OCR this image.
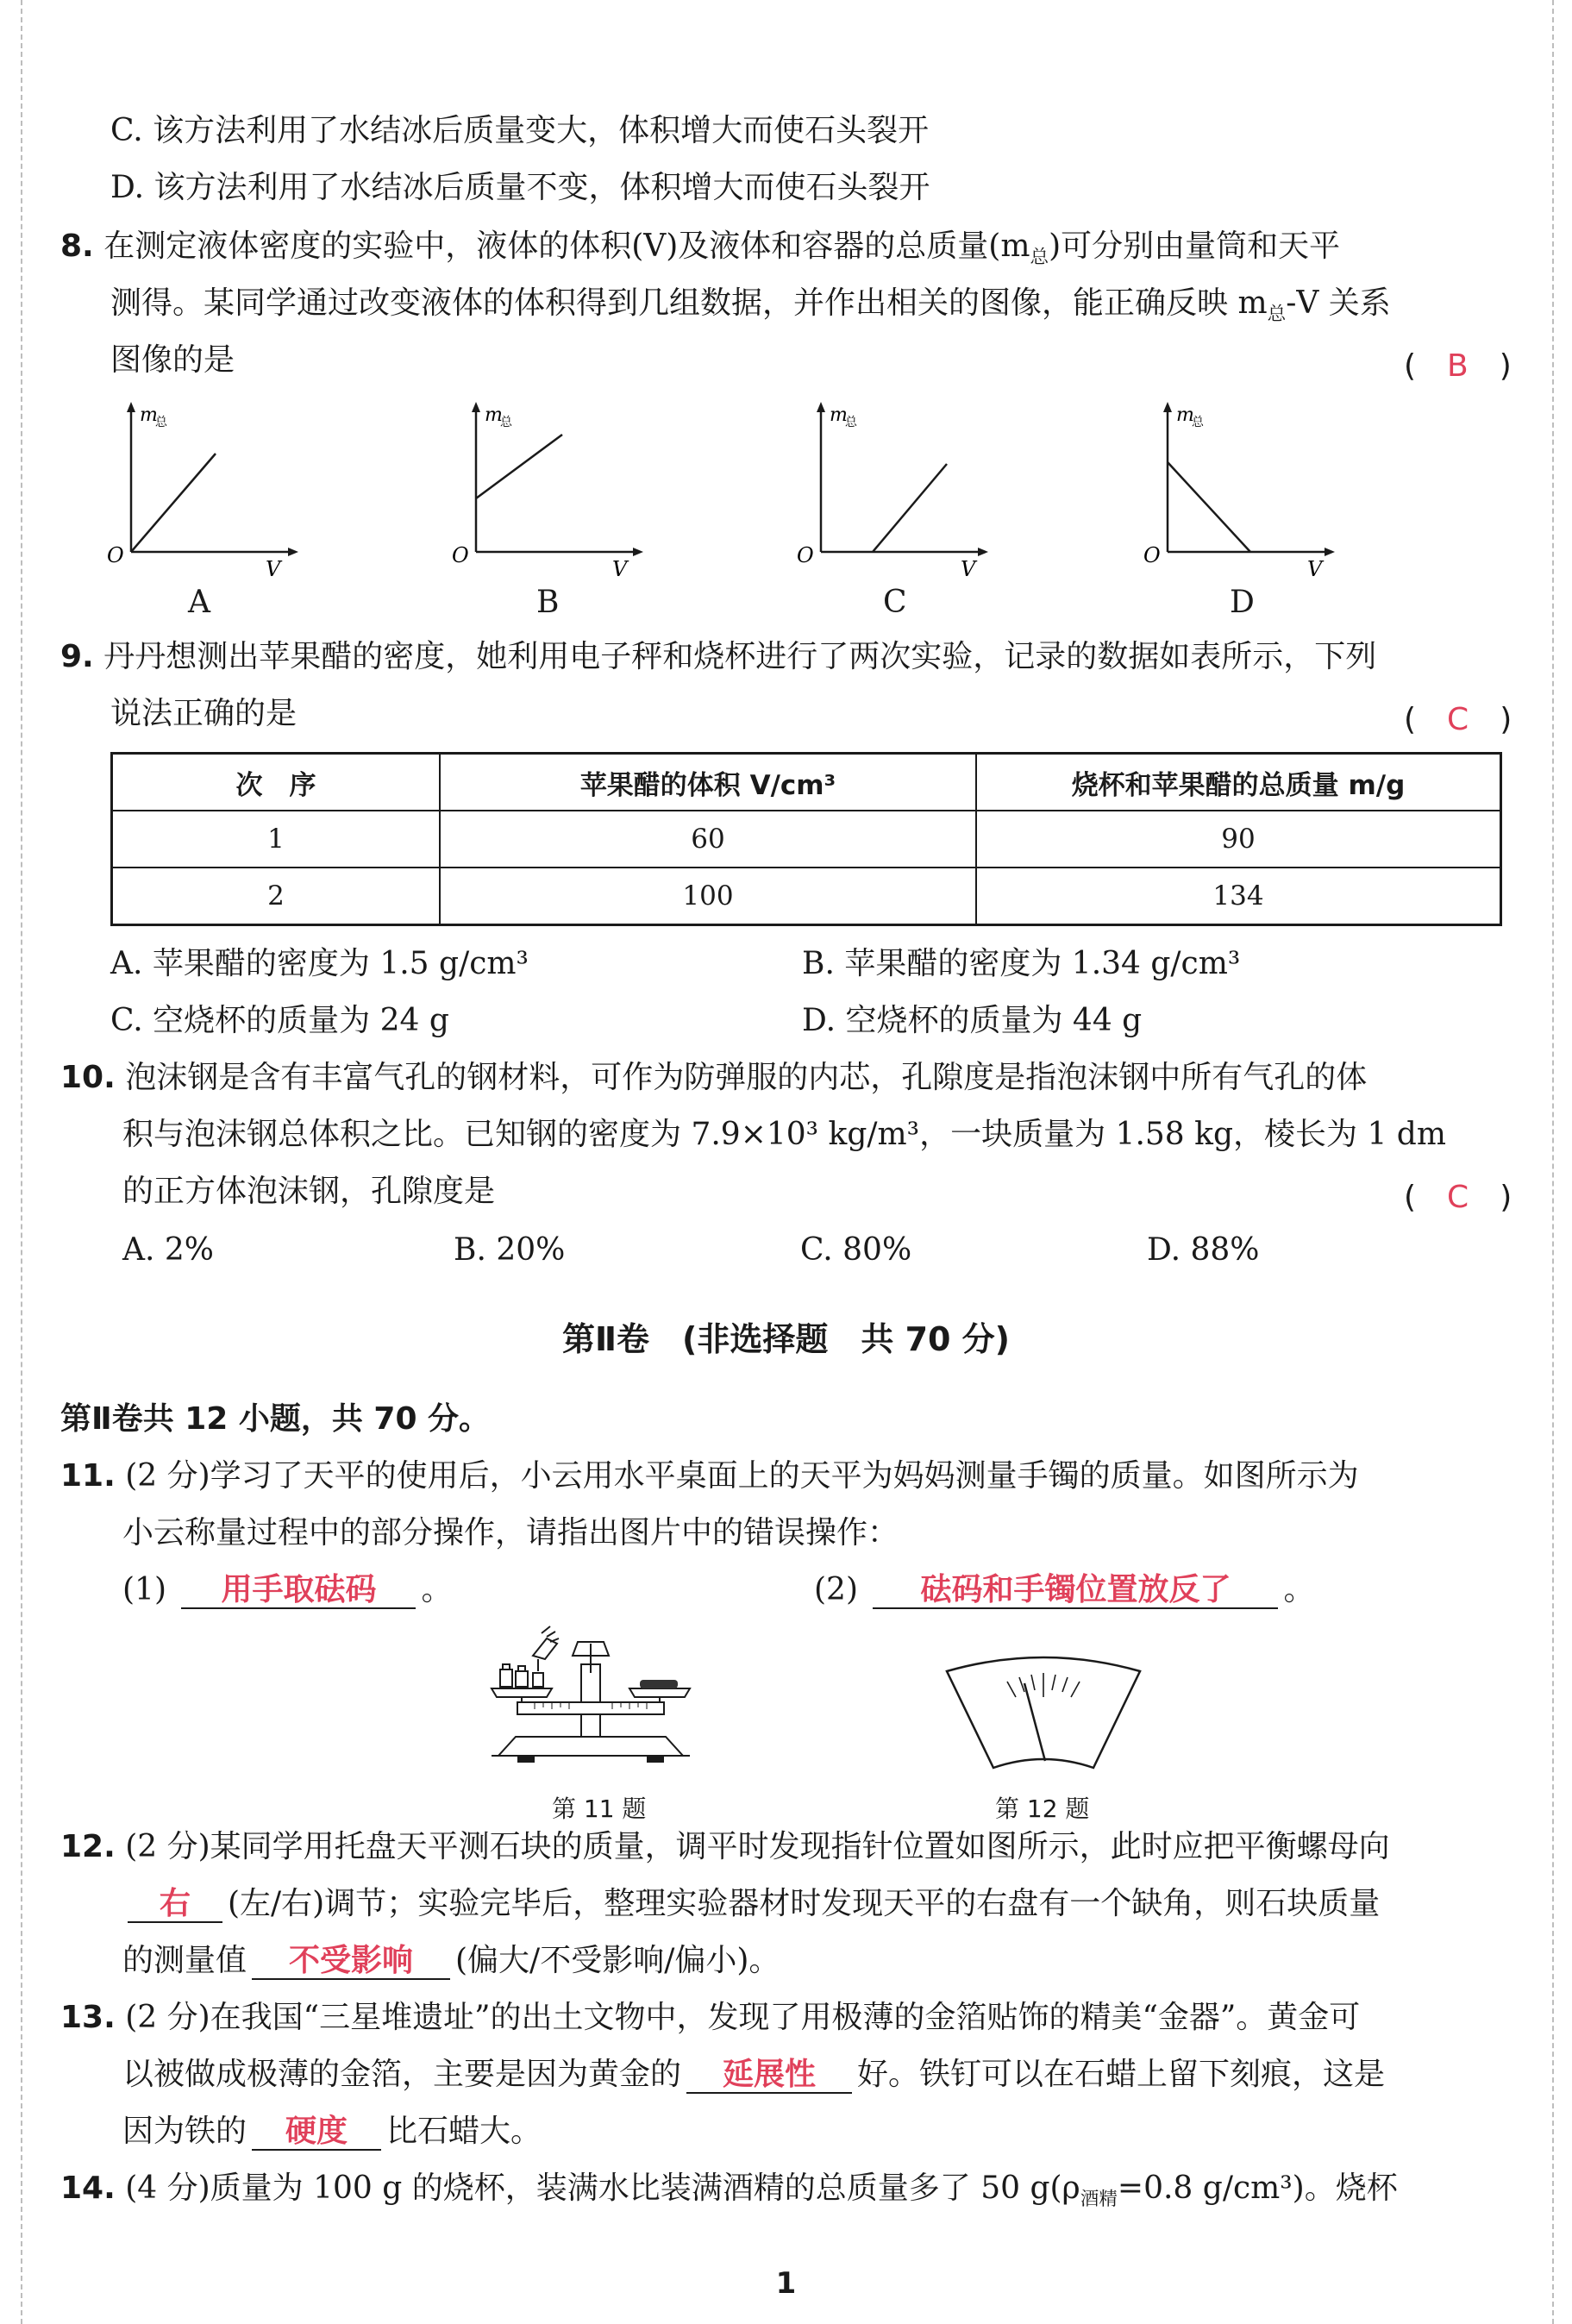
C. 该方法利用了水结冰后质量变大，体积增大而使石头裂开
D. 该方法利用了水结冰后质量不变，体积增大而使石头裂开
8. 在测定液体密度的实验中，液体的体积(V)及液体和容器的总质量$(m_总)$可分别由量筒和天平
测得。某同学通过改变液体的体积得到几组数据，并作出相关的图像，能正确反映 $m_总-V$ 关系
图像的是	(　B　)
m
总
O
V
A
m
总
O
V
B
m
总
O
V
C
m
总
O
V
D
9. 丹丹想测出苹果醋的密度，她利用电子秤和烧杯进行了两次实验，记录的数据如表所示，下列
说法正确的是	(　C　)
次　序	苹果醋的体积 V/cm³	烧杯和苹果醋的总质量 m/g
1	60	90
2	100	134
A. 苹果醋的密度为 1.5 g/cm³	B. 苹果醋的密度为 1.34 g/cm³
C. 空烧杯的质量为 24 g	D. 空烧杯的质量为 44 g
10. 泡沫钢是含有丰富气孔的钢材料，可作为防弹服的内芯，孔隙度是指泡沫钢中所有气孔的体
积与泡沫钢总体积之比。已知钢的密度为 7.9×10³ kg/m³，一块质量为 1.58 kg，棱长为 1 dm
的正方体泡沫钢，孔隙度是	(　C　)
A. 2%	B. 20%	C. 80%	D. 88%
第Ⅱ卷　(非选择题　共 70 分)
第Ⅱ卷共 12 小题，共 70 分。
11. (2 分)学习了天平的使用后，小云用水平桌面上的天平为妈妈测量手镯的质量。如图所示为
小云称量过程中的部分操作，请指出图片中的错误操作：
(1) 用手取砝码 。	(2) 砝码和手镯位置放反了 。
第 11 题	第 12 题
12. (2 分)某同学用托盘天平测石块的质量，调平时发现指针位置如图所示，此时应把平衡螺母向
右 (左/右)调节；实验完毕后，整理实验器材时发现天平的右盘有一个缺角，则石块质量
的测量值 不受影响 (偏大/不受影响/偏小)。
13. (2 分)在我国“三星堆遗址”的出土文物中，发现了用极薄的金箔贴饰的精美“金器”。黄金可
以被做成极薄的金箔，主要是因为黄金的 延展性 好。铁钉可以在石蜡上留下刻痕，这是
因为铁的 硬度 比石蜡大。
14. (4 分)质量为 100 g 的烧杯，装满水比装满酒精的总质量多了 50 $g(\rho_{酒精}=0.8$ g/cm³)。烧杯
1
